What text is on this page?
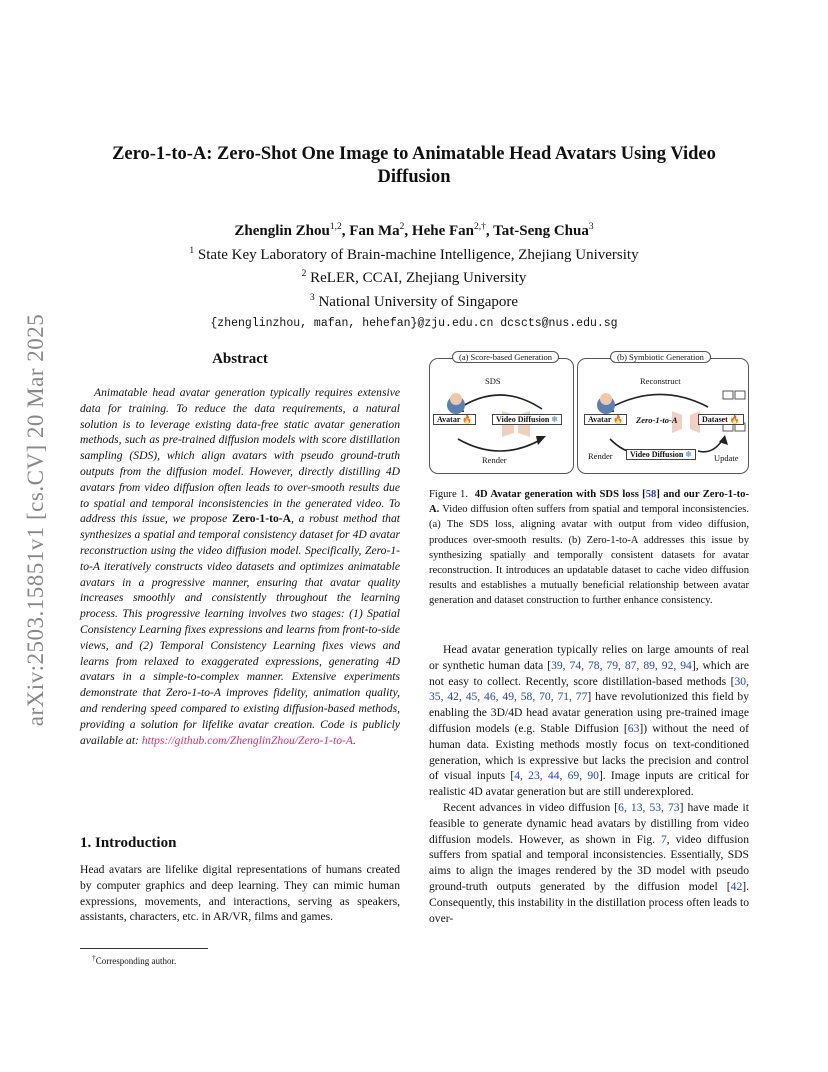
arXiv:2503.15851v1 [cs.CV] 20 Mar 2025
Zero-1-to-A: Zero-Shot One Image to Animatable Head Avatars Using Video Diffusion
Zhenglin Zhou$^{1,2}$, Fan Ma$^2$, Hehe Fan$^{2,\dagger}$, Tat-Seng Chua$^3$
$^1$ State Key Laboratory of Brain-machine Intelligence, Zhejiang University
$^2$ ReLER, CCAI, Zhejiang University
$^3$ National University of Singapore
{zhenglinzhou, mafan, hehefan}@zju.edu.cn dcscts@nus.edu.sg
Abstract
Animatable head avatar generation typically requires extensive data for training. To reduce the data requirements, a natural solution is to leverage existing data-free static avatar generation methods, such as pre-trained diffusion models with score distillation sampling (SDS), which align avatars with pseudo ground-truth outputs from the diffusion model. However, directly distilling 4D avatars from video diffusion often leads to over-smooth results due to spatial and temporal inconsistencies in the generated video. To address this issue, we propose Zero-1-to-A, a robust method that synthesizes a spatial and temporal consistency dataset for 4D avatar reconstruction using the video diffusion model. Specifically, Zero-1-to-A iteratively constructs video datasets and optimizes animatable avatars in a progressive manner, ensuring that avatar quality increases smoothly and consistently throughout the learning process. This progressive learning involves two stages: (1) Spatial Consistency Learning fixes expressions and learns from front-to-side views, and (2) Temporal Consistency Learning fixes views and learns from relaxed to exaggerated expressions, generating 4D avatars in a simple-to-complex manner. Extensive experiments demonstrate that Zero-1-to-A improves fidelity, animation quality, and rendering speed compared to existing diffusion-based methods, providing a solution for lifelike avatar creation. Code is publicly available at: https://github.com/ZhenglinZhou/Zero-1-to-A.
1. Introduction
Head avatars are lifelike digital representations of humans created by computer graphics and deep learning. They can mimic human expressions, movements, and interactions, serving as speakers, assistants, characters, etc. in AR/VR, films and games.
†Corresponding author.
(a) Score-based Generation
SDS
Avatar 🔥	Video Diffusion ❄
Render
(b) Symbiotic Generation
Reconstruct
Avatar 🔥	Zero-1-to-A	Dataset 🔥
Render	Video Diffusion ❄	Update
Figure 1. 4D Avatar generation with SDS loss [58] and our Zero-1-to-A. Video diffusion often suffers from spatial and temporal inconsistencies. (a) The SDS loss, aligning avatar with output from video diffusion, produces over-smooth results. (b) Zero-1-to-A addresses this issue by synthesizing spatially and temporally consistent datasets for avatar reconstruction. It introduces an updatable dataset to cache video diffusion results and establishes a mutually beneficial relationship between avatar generation and dataset construction to further enhance consistency.

Head avatar generation typically relies on large amounts of real or synthetic human data [39, 74, 78, 79, 87, 89, 92, 94], which are not easy to collect. Recently, score distillation-based methods [30, 35, 42, 45, 46, 49, 58, 70, 71, 77] have revolutionized this field by enabling the 3D/4D head avatar generation using pre-trained image diffusion models (e.g. Stable Diffusion [63]) without the need of human data. Existing methods mostly focus on text-conditioned generation, which is expressive but lacks the precision and control of visual inputs [4, 23, 44, 69, 90]. Image inputs are critical for realistic 4D avatar generation but are still underexplored.

Recent advances in video diffusion [6, 13, 53, 73] have made it feasible to generate dynamic head avatars by distilling from video diffusion models. However, as shown in Fig. 7, video diffusion suffers from spatial and temporal inconsistencies. Essentially, SDS aims to align the images rendered by the 3D model with pseudo ground-truth outputs generated by the diffusion model [42]. Consequently, this instability in the distillation process often leads to over-
